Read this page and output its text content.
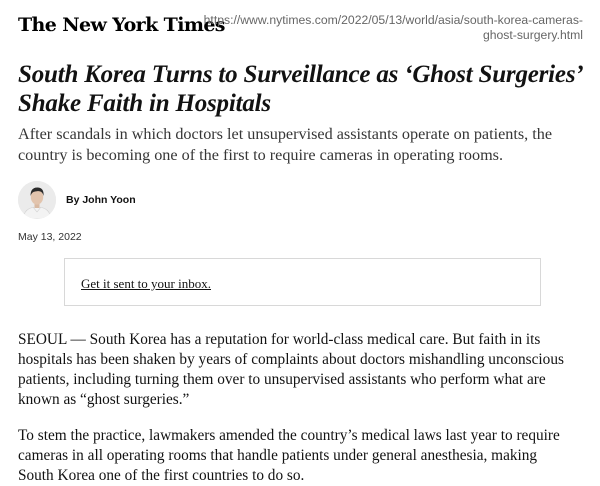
The New York Times
https://www.nytimes.com/2022/05/13/world/asia/south-korea-cameras-
ghost-surgery.html
South Korea Turns to Surveillance as ‘Ghost Surgeries’
Shake Faith in Hospitals

After scandals in which doctors let unsupervised assistants operate on patients, the
country is becoming one of the first to require cameras in operating rooms.

By John Yoon
May 13, 2022
Get it sent to your inbox.

SEOUL — South Korea has a reputation for world-class medical care. But faith in its
hospitals has been shaken by years of complaints about doctors mishandling unconscious
patients, including turning them over to unsupervised assistants who perform what are
known as “ghost surgeries.”

To stem the practice, lawmakers amended the country’s medical laws last year to require
cameras in all operating rooms that handle patients under general anesthesia, making
South Korea one of the first countries to do so.
